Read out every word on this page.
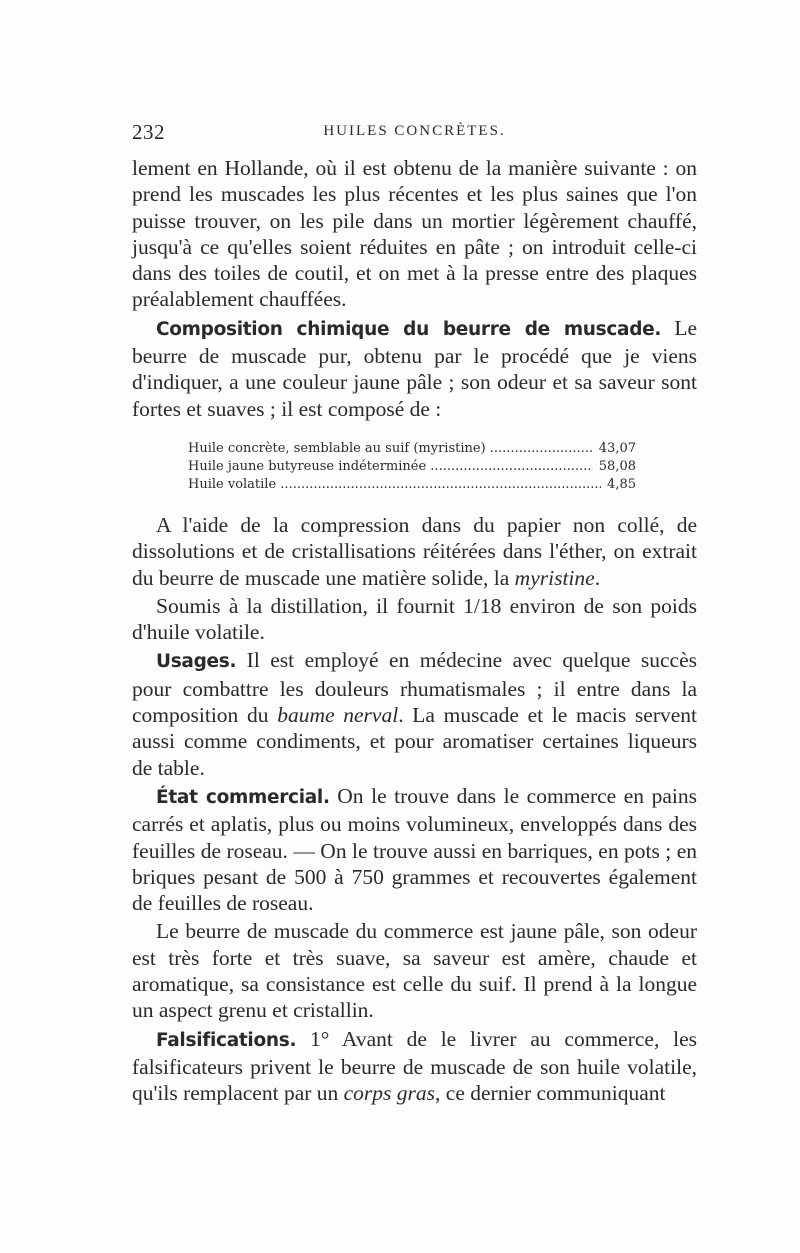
232	HUILES CONCRÈTES.

lement en Hollande, où il est obtenu de la manière suivante : on prend les muscades les plus récentes et les plus saines que l'on puisse trouver, on les pile dans un mortier légèrement chauffé, jusqu'à ce qu'elles soient réduites en pâte ; on introduit celle-ci dans des toiles de coutil, et on met à la presse entre des plaques préalablement chauffées.

Composition chimique du beurre de muscade. Le beurre de muscade pur, obtenu par le procédé que je viens d'indiquer, a une couleur jaune pâle ; son odeur et sa saveur sont fortes et suaves ; il est composé de :

Huile concrète, semblable au suif (myristine) .....	43,07
Huile jaune butyreuse indéterminée .....	58,08
Huile volatile .....	4,85

A l'aide de la compression dans du papier non collé, de dissolutions et de cristallisations réitérées dans l'éther, on extrait du beurre de muscade une matière solide, la myristine.

Soumis à la distillation, il fournit 1/18 environ de son poids d'huile volatile.

Usages. Il est employé en médecine avec quelque succès pour combattre les douleurs rhumatismales ; il entre dans la composition du baume nerval. La muscade et le macis servent aussi comme condiments, et pour aromatiser certaines liqueurs de table.

État commercial. On le trouve dans le commerce en pains carrés et aplatis, plus ou moins volumineux, enveloppés dans des feuilles de roseau. — On le trouve aussi en barriques, en pots ; en briques pesant de 500 à 750 grammes et recouvertes également de feuilles de roseau.

Le beurre de muscade du commerce est jaune pâle, son odeur est très forte et très suave, sa saveur est amère, chaude et aromatique, sa consistance est celle du suif. Il prend à la longue un aspect grenu et cristallin.

Falsifications. 1° Avant de le livrer au commerce, les falsificateurs privent le beurre de muscade de son huile volatile, qu'ils remplacent par un corps gras, ce dernier communiquant
